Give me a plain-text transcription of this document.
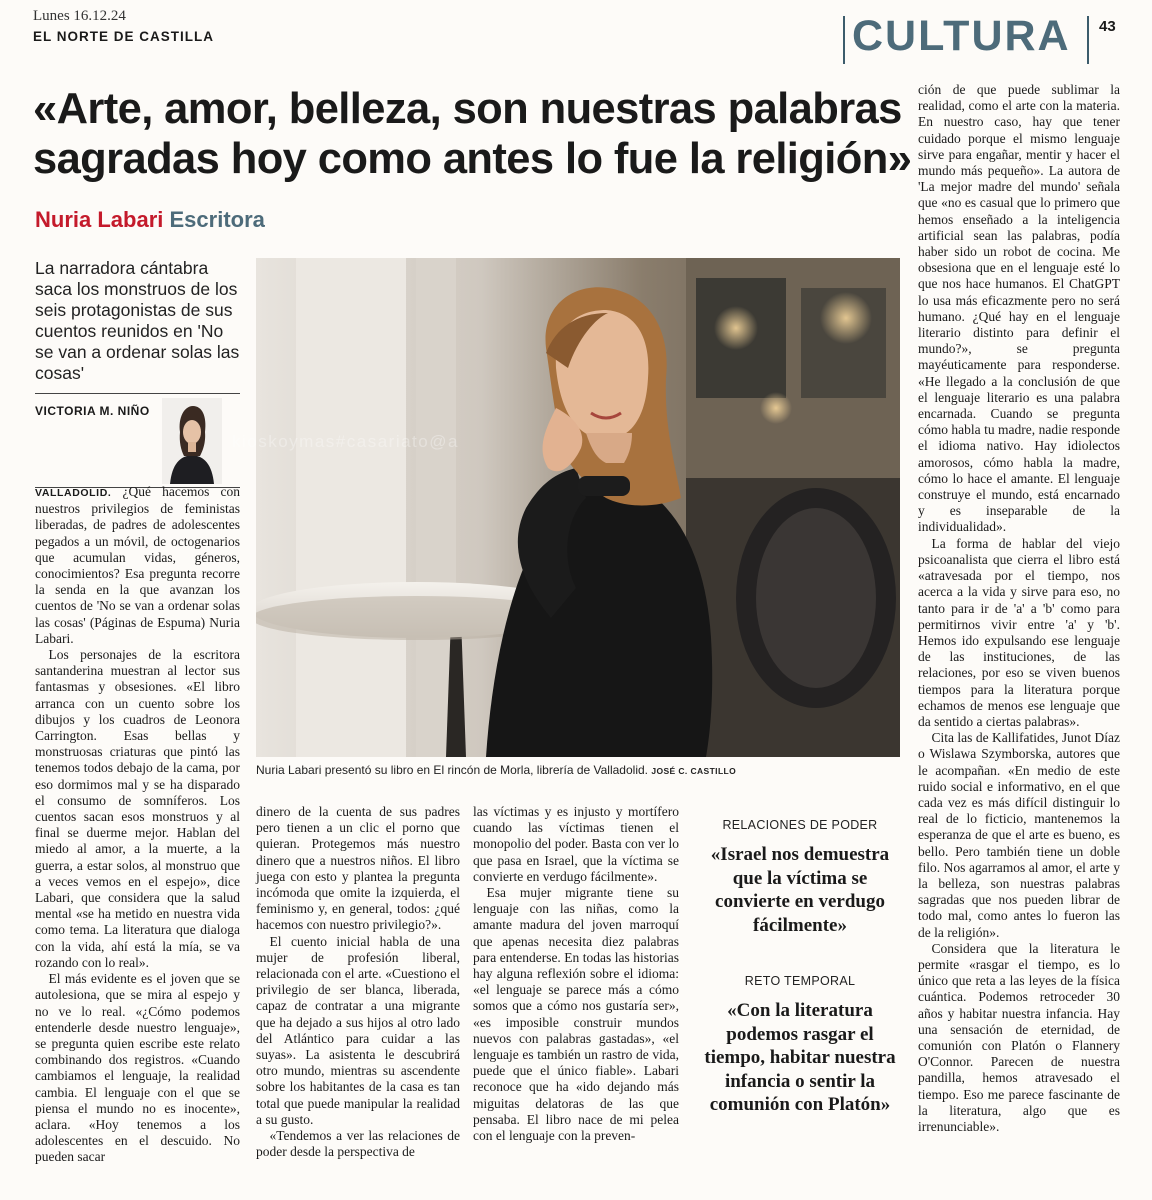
Lunes 16.12.24
EL NORTE DE CASTILLA	CULTURA 43
«Arte, amor, belleza, son nuestras palabras sagradas hoy como antes lo fue la religión»
Nuria Labari Escritora
La narradora cántabra saca los monstruos de los seis protagonistas de sus cuentos reunidos en 'No se van a ordenar solas las cosas'
VICTORIA M. NIÑO
kioskoymas#casariato@a
Nuria Labari presentó su libro en El rincón de Morla, librería de Valladolid. JOSÉ C. CASTILLO
VALLADOLID. ¿Qué hacemos con nuestros privilegios de feministas liberadas, de padres de adolescentes pegados a un móvil, de octogenarios que acumulan vidas, géneros, conocimientos? Esa pregunta recorre la senda en la que avanzan los cuentos de 'No se van a ordenar solas las cosas' (Páginas de Espuma) Nuria Labari.
 Los personajes de la escritora santanderina muestran al lector sus fantasmas y obsesiones. «El libro arranca con un cuento sobre los dibujos y los cuadros de Leonora Carrington. Esas bellas y monstruosas criaturas que pintó las tenemos todos debajo de la cama, por eso dormimos mal y se ha disparado el consumo de somníferos. Los cuentos sacan esos monstruos y al final se duerme mejor. Hablan del miedo al amor, a la muerte, a la guerra, a estar solos, al monstruo que a veces vemos en el espejo», dice Labari, que considera que la salud mental «se ha metido en nuestra vida como tema. La literatura que dialoga con la vida, ahí está la mía, se va rozando con lo real».
 El más evidente es el joven que se autolesiona, que se mira al espejo y no ve lo real. «¿Cómo podemos entenderle desde nuestro lenguaje», se pregunta quien escribe este relato combinando dos registros. «Cuando cambiamos el lenguaje, la realidad cambia. El lenguaje con el que se piensa el mundo no es inocente», aclara. «Hoy tenemos a los adolescentes en el descuido. No pueden sacar
dinero de la cuenta de sus padres pero tienen a un clic el porno que quieran. Protegemos más nuestro dinero que a nuestros niños. El libro juega con esto y plantea la pregunta incómoda que omite la izquierda, el feminismo y, en general, todos: ¿qué hacemos con nuestro privilegio?».
 El cuento inicial habla de una mujer de profesión liberal, relacionada con el arte. «Cuestiono el privilegio de ser blanca, liberada, capaz de contratar a una migrante que ha dejado a sus hijos al otro lado del Atlántico para cuidar a las suyas». La asistenta le descubrirá otro mundo, mientras su ascendente sobre los habitantes de la casa es tan total que puede manipular la realidad a su gusto.
 «Tendemos a ver las relaciones de poder desde la perspectiva de
las víctimas y es injusto y mortífero cuando las víctimas tienen el monopolio del poder. Basta con ver lo que pasa en Israel, que la víctima se convierte en verdugo fácilmente».
 Esa mujer migrante tiene su lenguaje con las niñas, como la amante madura del joven marroquí que apenas necesita diez palabras para entenderse. En todas las historias hay alguna reflexión sobre el idioma: «el lenguaje se parece más a cómo somos que a cómo nos gustaría ser», «es imposible construir mundos nuevos con palabras gastadas», «el lenguaje es también un rastro de vida, puede que el único fiable». Labari reconoce que ha «ido dejando más miguitas delatoras de las que pensaba. El libro nace de mi pelea con el lenguaje con la preven-
RELACIONES DE PODER
«Israel nos demuestra que la víctima se convierte en verdugo fácilmente»
RETO TEMPORAL
«Con la literatura podemos rasgar el tiempo, habitar nuestra infancia o sentir la comunión con Platón»
ción de que puede sublimar la realidad, como el arte con la materia. En nuestro caso, hay que tener cuidado porque el mismo lenguaje sirve para engañar, mentir y hacer el mundo más pequeño». La autora de 'La mejor madre del mundo' señala que «no es casual que lo primero que hemos enseñado a la inteligencia artificial sean las palabras, podía haber sido un robot de cocina. Me obsesiona que en el lenguaje esté lo que nos hace humanos. El ChatGPT lo usa más eficazmente pero no será humano. ¿Qué hay en el lenguaje literario distinto para definir el mundo?», se pregunta mayéuticamente para responderse. «He llegado a la conclusión de que el lenguaje literario es una palabra encarnada. Cuando se pregunta cómo habla tu madre, nadie responde el idioma nativo. Hay idiolectos amorosos, cómo habla la madre, cómo lo hace el amante. El lenguaje construye el mundo, está encarnado y es inseparable de la individualidad».
 La forma de hablar del viejo psicoanalista que cierra el libro está «atravesada por el tiempo, nos acerca a la vida y sirve para eso, no tanto para ir de 'a' a 'b' como para permitirnos vivir entre 'a' y 'b'. Hemos ido expulsando ese lenguaje de las instituciones, de las relaciones, por eso se viven buenos tiempos para la literatura porque echamos de menos ese lenguaje que da sentido a ciertas palabras».
 Cita las de Kallifatides, Junot Díaz o Wislawa Szymborska, autores que le acompañan. «En medio de este ruido social e informativo, en el que cada vez es más difícil distinguir lo real de lo ficticio, mantenemos la esperanza de que el arte es bueno, es bello. Pero también tiene un doble filo. Nos agarramos al amor, el arte y la belleza, son nuestras palabras sagradas que nos pueden librar de todo mal, como antes lo fueron las de la religión».
 Considera que la literatura le permite «rasgar el tiempo, es lo único que reta a las leyes de la física cuántica. Podemos retroceder 30 años y habitar nuestra infancia. Hay una sensación de eternidad, de comunión con Platón o Flannery O'Connor. Parecen de nuestra pandilla, hemos atravesado el tiempo. Eso me parece fascinante de la literatura, algo que es irrenunciable».
